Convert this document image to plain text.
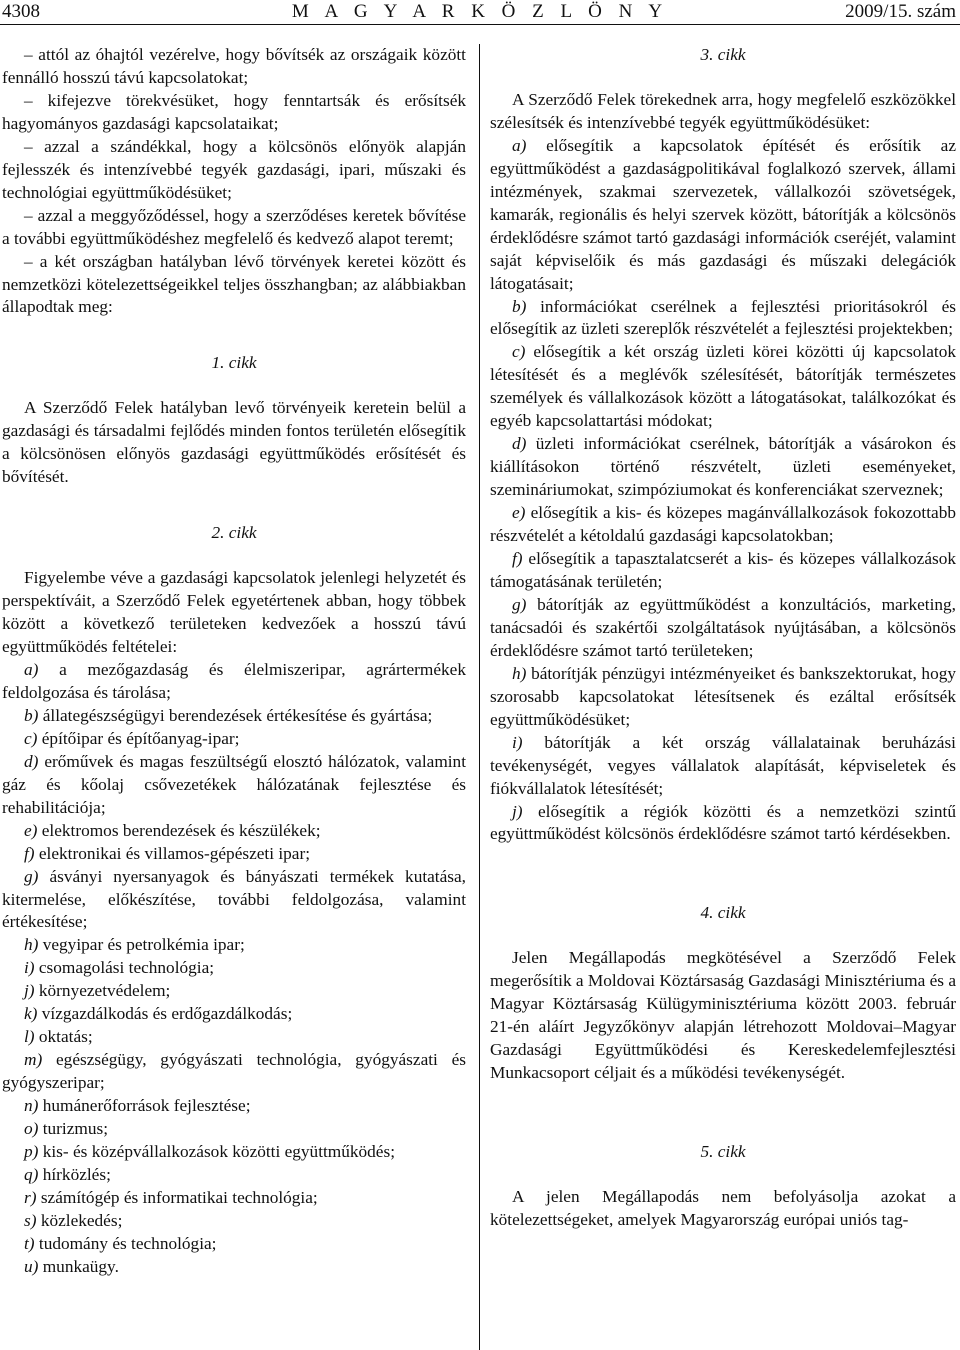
4308	M A G Y A R K Ö Z L Ö N Y	2009/15. szám

– attól az óhajtól vezérelve, hogy bővítsék az országaik között fennálló hosszú távú kapcsolatokat;

– kifejezve törekvésüket, hogy fenntartsák és erősítsék hagyományos gazdasági kapcsolataikat;

– azzal a szándékkal, hogy a kölcsönös előnyök alapján fejlesszék és intenzívebbé tegyék gazdasági, ipari, műszaki és technológiai együttműködésüket;

– azzal a meggyőződéssel, hogy a szerződéses keretek bővítése a további együttműködéshez megfelelő és kedvező alapot teremt;

– a két országban hatályban lévő törvények keretei között és nemzetközi kötelezettségeikkel teljes összhangban; az alábbiakban állapodtak meg:

1. cikk

A Szerződő Felek hatályban levő törvényeik keretein belül a gazdasági és társadalmi fejlődés minden fontos területén elősegítik a kölcsönösen előnyös gazdasági együttműködés erősítését és bővítését.

2. cikk

Figyelembe véve a gazdasági kapcsolatok jelenlegi helyzetét és perspektíváit, a Szerződő Felek egyetértenek abban, hogy többek között a következő területeken kedvezőek a hosszú távú együttműködés feltételei:

a) a mezőgazdaság és élelmiszeripar, agrártermékek feldolgozása és tárolása;

b) állategészségügyi berendezések értékesítése és gyártása;

c) építőipar és építőanyag-ipar;

d) erőművek és magas feszültségű elosztó hálózatok, valamint gáz és kőolaj csővezetékek hálózatának fejlesztése és rehabilitációja;

e) elektromos berendezések és készülékek;

f) elektronikai és villamos-gépészeti ipar;

g) ásványi nyersanyagok és bányászati termékek kutatása, kitermelése, előkészítése, további feldolgozása, valamint értékesítése;

h) vegyipar és petrolkémia ipar;

i) csomagolási technológia;

j) környezetvédelem;

k) vízgazdálkodás és erdőgazdálkodás;

l) oktatás;

m) egészségügy, gyógyászati technológia, gyógyászati és gyógyszeripar;

n) humánerőforrások fejlesztése;

o) turizmus;

p) kis- és középvállalkozások közötti együttműködés;

q) hírközlés;

r) számítógép és informatikai technológia;

s) közlekedés;

t) tudomány és technológia;

u) munkaügy.

3. cikk

A Szerződő Felek törekednek arra, hogy megfelelő eszközökkel szélesítsék és intenzívebbé tegyék együttműködésüket:

a) elősegítik a kapcsolatok építését és erősítik az együttműködést a gazdaságpolitikával foglalkozó szervek, állami intézmények, szakmai szervezetek, vállalkozói szövetségek, kamarák, regionális és helyi szervek között, bátorítják a kölcsönös érdeklődésre számot tartó gazdasági információk cseréjét, valamint saját képviselőik és más gazdasági és műszaki delegációk látogatásait;

b) információkat cserélnek a fejlesztési prioritásokról és elősegítik az üzleti szereplők részvételét a fejlesztési projektekben;

c) elősegítik a két ország üzleti körei közötti új kapcsolatok létesítését és a meglévők szélesítését, bátorítják természetes személyek és vállalkozások között a látogatásokat, találkozókat és egyéb kapcsolattartási módokat;

d) üzleti információkat cserélnek, bátorítják a vásárokon és kiállításokon történő részvételt, üzleti eseményeket, szemináriumokat, szimpóziumokat és konferenciákat szerveznek;

e) elősegítik a kis- és közepes magánvállalkozások fokozottabb részvételét a kétoldalú gazdasági kapcsolatokban;

f) elősegítik a tapasztalatcserét a kis- és közepes vállalkozások támogatásának területén;

g) bátorítják az együttműködést a konzultációs, marketing, tanácsadói és szakértői szolgáltatások nyújtásában, a kölcsönös érdeklődésre számot tartó területeken;

h) bátorítják pénzügyi intézményeiket és bankszektorukat, hogy szorosabb kapcsolatokat létesítsenek és ezáltal erősítsék együttműködésüket;

i) bátorítják a két ország vállalatainak beruházási tevékenységét, vegyes vállalatok alapítását, képviseletek és fiókvállalatok létesítését;

j) elősegítik a régiók közötti és a nemzetközi szintű együttműködést kölcsönös érdeklődésre számot tartó kérdésekben.

4. cikk

Jelen Megállapodás megkötésével a Szerződő Felek megerősítik a Moldovai Köztársaság Gazdasági Minisztériuma és a Magyar Köztársaság Külügyminisztériuma között 2003. február 21-én aláírt Jegyzőkönyv alapján létrehozott Moldovai–Magyar Gazdasági Együttműködési és Kereskedelemfejlesztési Munkacsoport céljait és a működési tevékenységét.

5. cikk

A jelen Megállapodás nem befolyásolja azokat a kötelezettségeket, amelyek Magyarország európai uniós tag-
